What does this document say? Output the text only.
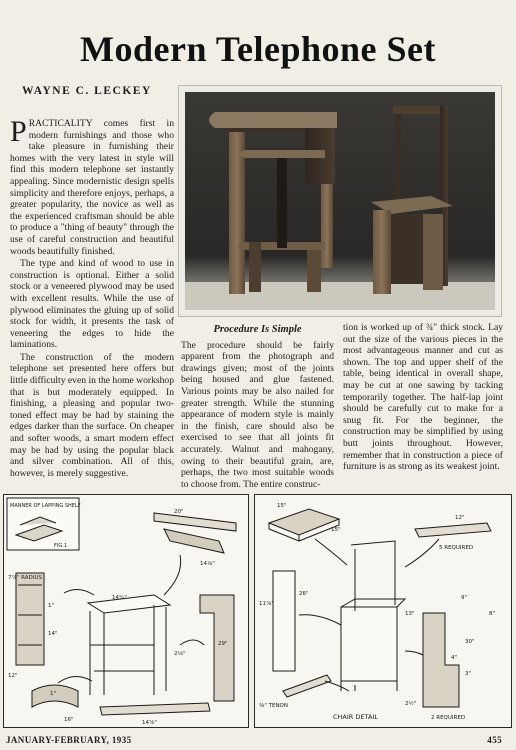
Modern Telephone Set
WAYNE C. LECKEY

PRACTICALITY comes first in modern furnishings and those who take pleasure in furnishing their homes with the very latest in style will find this modern telephone set instantly appealing. Since modernistic design spells simplicity and therefore enjoys, perhaps, a greater popularity, the novice as well as the experienced craftsman should be able to produce a "thing of beauty" through the use of careful construction and beautiful woods beautifully finished.

The type and kind of wood to use in construction is optional. Either a solid stock or a veneered plywood may be used with excellent results. While the use of plywood eliminates the gluing up of solid stock for width, it presents the task of veneering the edges to hide the laminations.

The construction of the modern telephone set presented here offers but little difficulty even in the home workshop that is but moderately equipped. In finishing, a pleasing and popular two-toned effect may be had by staining the edges darker than the surface. On cheaper and softer woods, a smart modern effect may be had by using the popular black and silver combination. All of this, however, is merely suggestive.

Procedure Is Simple

The procedure should be fairly apparent from the photograph and drawings given; most of the joints being housed and glue fastened. Various points may be also nailed for greater strength. While the stunning appearance of modern style is mainly in the finish, care should also be exercised to see that all joints fit accurately. Walnut and mahogany, owing to their beautiful grain, are, perhaps, the two most suitable woods to choose from. The entire construc-

tion is worked up of ¾" thick stock. Lay out the size of the various pieces in the most advantageous manner and cut as shown. The top and upper shelf of the table, being identical in overall shape, may be cut at one sawing by tacking temporarily together. The half-lap joint should be carefully cut to make for a snug fit. For the beginner, the construction may be simplified by using butt joints throughout. However, remember that in construction a piece of furniture is as strong as its weakest joint.

MANNER OF LAPPING SHELF
FIG.1
7⅞" RADIUS
20"
14⅛"
14¼"
1"
14"
29"
2⅛"
12"
16"
1"
14⅞"
15"
15"
12"
9"
11⅞"
26"
13"
30"
4"
8"
3"
2½"
5 REQUIRED
2 REQUIRED
⅜" TENON
CHAIR DETAIL
JANUARY-FEBRUARY, 1935	455
